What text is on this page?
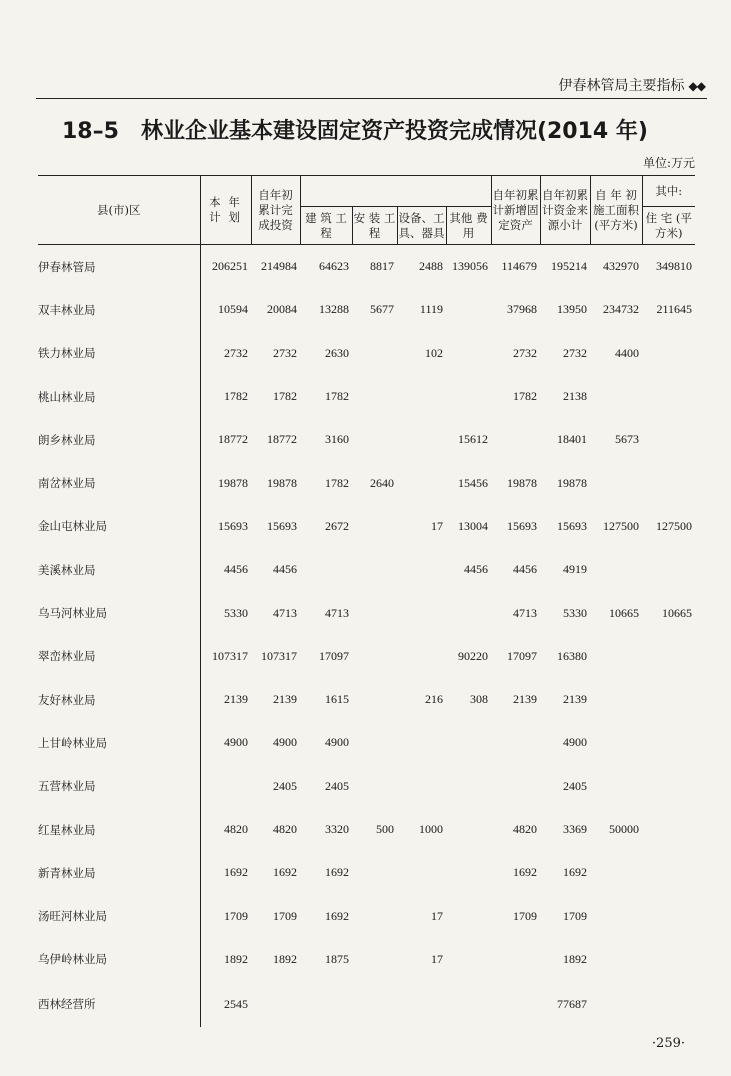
伊春林管局主要指标 ◆◆
18–5 林业企业基本建设固定资产投资完成情况(2014 年)
单位:万元
县(市)区	本 年 计 划	自年初 累计完 成投资					自年初累 计新增固 定资产	自年初累 计资金来 源小计	自 年 初 施工面积 (平方米)	其中:
			建 筑 工 程	安 装 工 程	设备、工 具、器具	其他 费用				住 宅 (平方米)
伊春林管局	206251	214984	64623	8817	2488	139056	114679	195214	432970	349810
双丰林业局	10594	20084	13288	5677	1119		37968	13950	234732	211645
铁力林业局	2732	2732	2630		102		2732	2732	4400	
桃山林业局	1782	1782	1782				1782	2138		
朗乡林业局	18772	18772	3160			15612		18401	5673	
南岔林业局	19878	19878	1782	2640		15456	19878	19878		
金山屯林业局	15693	15693	2672		17	13004	15693	15693	127500	127500
美溪林业局	4456	4456				4456	4456	4919		
乌马河林业局	5330	4713	4713				4713	5330	10665	10665
翠峦林业局	107317	107317	17097			90220	17097	16380		
友好林业局	2139	2139	1615		216	308	2139	2139		
上甘岭林业局	4900	4900	4900					4900		
五营林业局		2405	2405					2405		
红星林业局	4820	4820	3320	500	1000		4820	3369	50000	
新青林业局	1692	1692	1692				1692	1692		
汤旺河林业局	1709	1709	1692		17		1709	1709		
乌伊岭林业局	1892	1892	1875		17			1892		
西林经营所	2545							77687		
·259·
